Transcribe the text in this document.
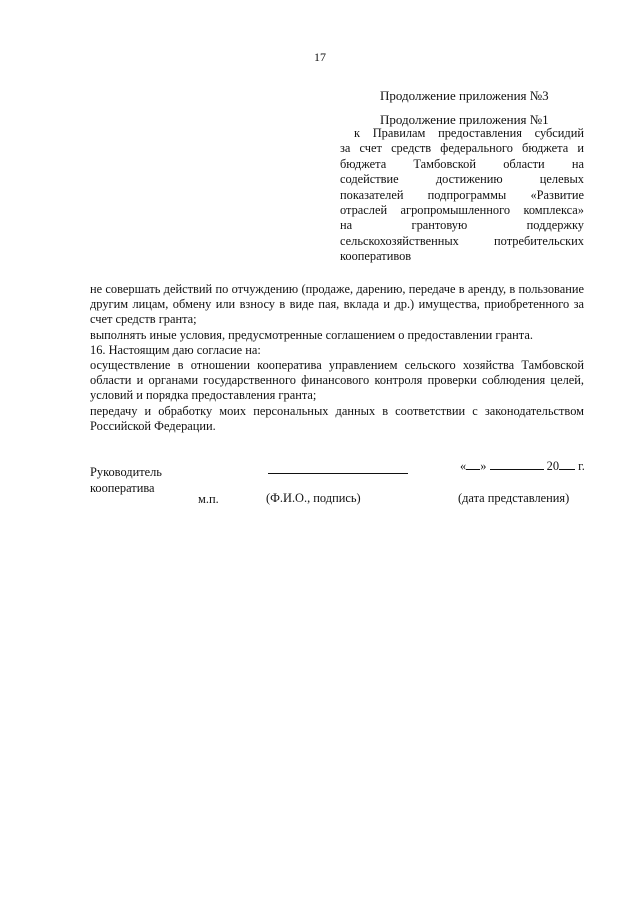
17
Продолжение приложения №3
Продолжение приложения №1
к Правилам предоставления субсидий
за счет средств федерального бюджета и
бюджета Тамбовской области на
содействие	достижению	целевых
показателей подпрограммы «Развитие
отраслей агропромышленного комплекса»
на	грантовую	поддержку
сельскохозяйственных	потребительских
кооперативов

не совершать действий по отчуждению (продаже, дарению, передаче в аренду, в пользование другим лицам, обмену или взносу в виде пая, вклада и др.) имущества, приобретенного за счет средств гранта;

выполнять иные условия, предусмотренные соглашением о предоставлении гранта.

16. Настоящим даю согласие на:

осуществление в отношении кооператива управлением сельского хозяйства Тамбовской области и органами государственного финансового контроля проверки соблюдения целей, условий и порядка предоставления гранта;

передачу и обработку моих персональных данных в соответствии с законодательством Российской Федерации.

Руководитель
кооператива
« »	20 г.
м.п.	(Ф.И.О., подпись)	(дата представления)
